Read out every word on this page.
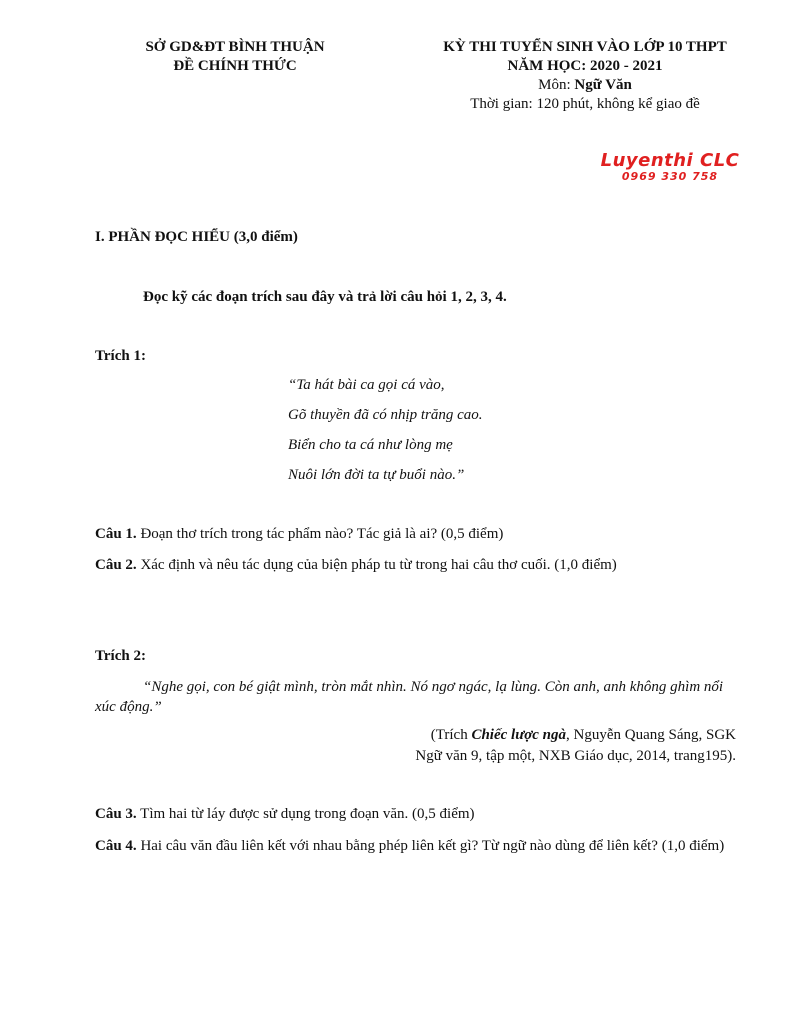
SỞ GD&ĐT BÌNH THUẬN
ĐỀ CHÍNH THỨC
KỲ THI TUYỂN SINH VÀO LỚP 10 THPT
NĂM HỌC: 2020 - 2021
Môn: Ngữ Văn
Thời gian: 120 phút, không kể giao đề
Luyenthi CLC
0969 330 758
I. PHẦN ĐỌC HIỂU (3,0 điểm)
Đọc kỹ các đoạn trích sau đây và trả lời câu hỏi 1, 2, 3, 4.
Trích 1:
“Ta hát bài ca gọi cá vào,
Gõ thuyền đã có nhịp trăng cao.
Biển cho ta cá như lòng mẹ
Nuôi lớn đời ta tự buổi nào.”
Câu 1. Đoạn thơ trích trong tác phẩm nào? Tác giả là ai? (0,5 điểm)
Câu 2. Xác định và nêu tác dụng của biện pháp tu từ trong hai câu thơ cuối. (1,0 điểm)
Trích 2:
“Nghe gọi, con bé giật mình, tròn mắt nhìn. Nó ngơ ngác, lạ lùng. Còn anh, anh không ghìm nổi xúc động.”
(Trích Chiếc lược ngà, Nguyễn Quang Sáng, SGK
Ngữ văn 9, tập một, NXB Giáo dục, 2014, trang195).
Câu 3. Tìm hai từ láy được sử dụng trong đoạn văn. (0,5 điểm)
Câu 4. Hai câu văn đầu liên kết với nhau bằng phép liên kết gì? Từ ngữ nào dùng để liên kết? (1,0 điểm)
